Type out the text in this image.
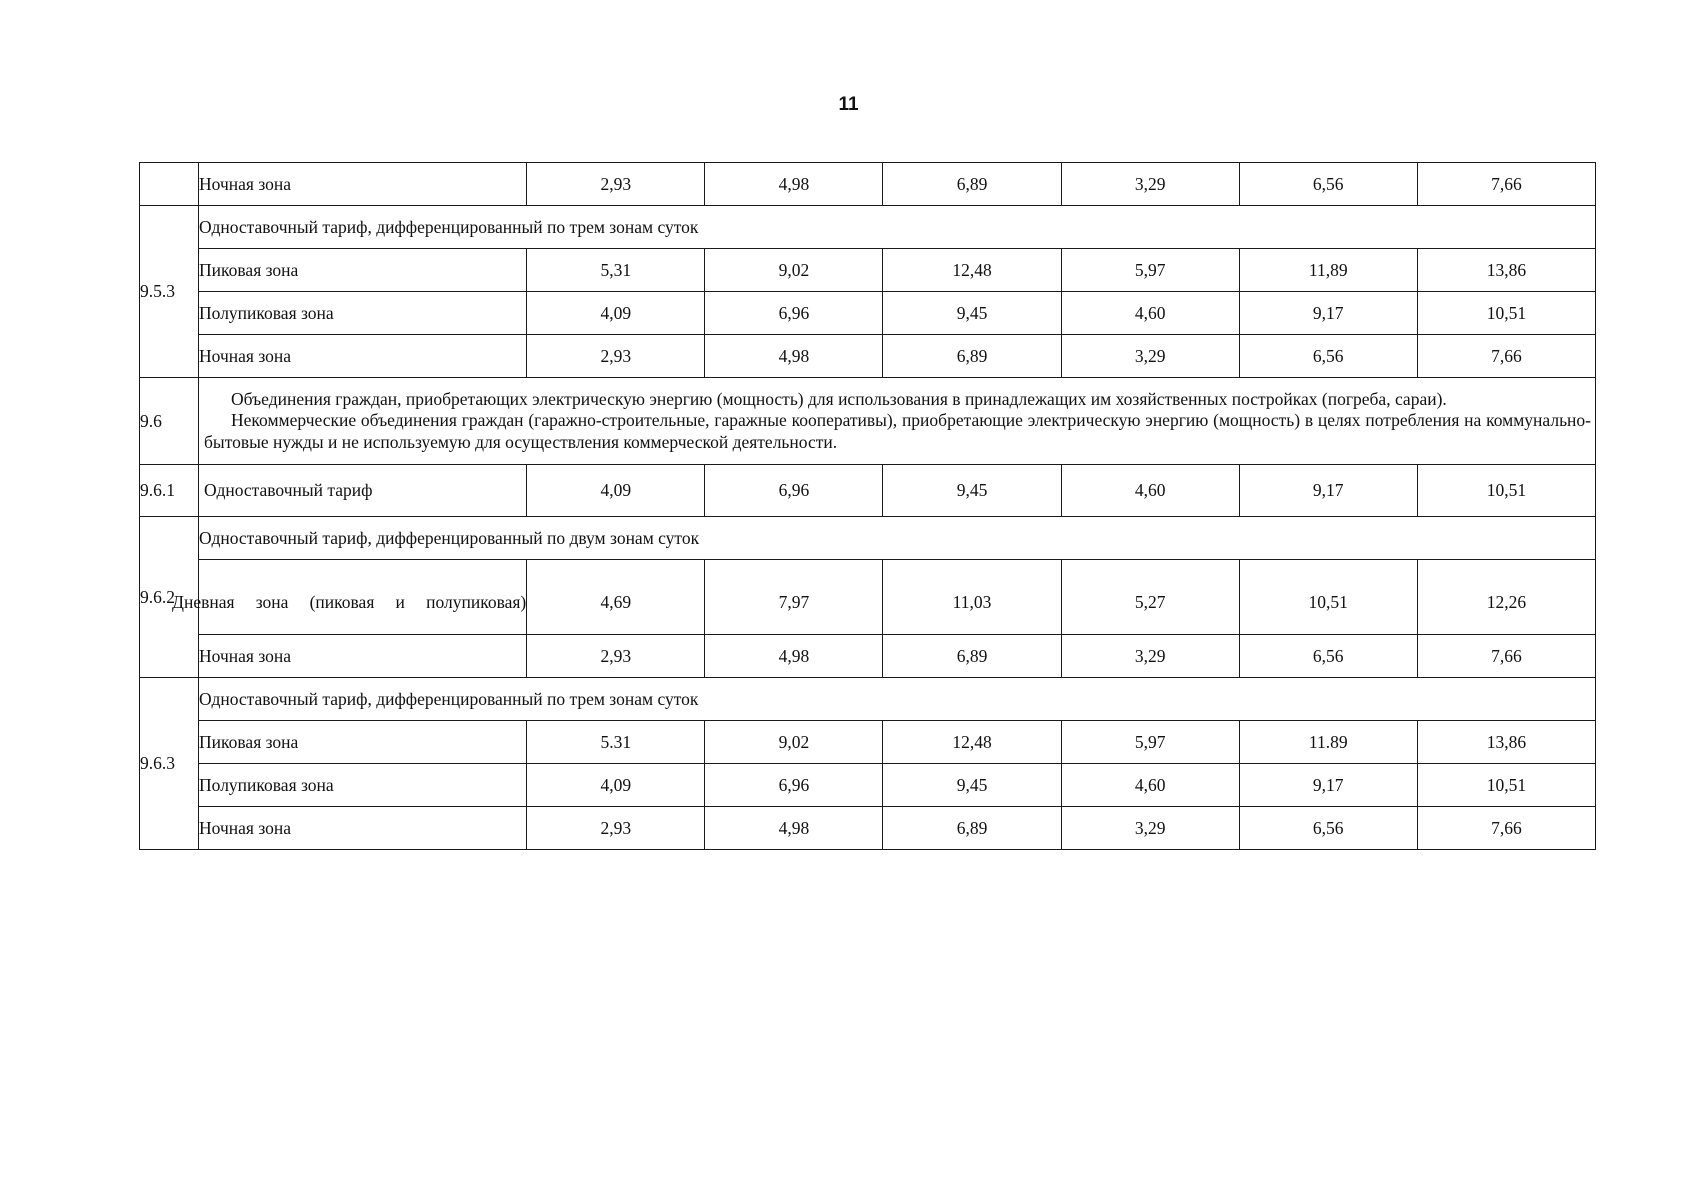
11
	Ночная зона	2,93	4,98	6,89	3,29	6,56	7,66
9.5.3	Одноставочный тариф, дифференцированный по трем зонам суток						
	Пиковая зона	5,31	9,02	12,48	5,97	11,89	13,86
	Полупиковая зона	4,09	6,96	9,45	4,60	9,17	10,51
	Ночная зона	2,93	4,98	6,89	3,29	6,56	7,66
9.6	Объединения граждан, приобретающих электрическую энергию (мощность) для использования в принадлежащих им хозяйственных постройках (погреба, сараи).
Некоммерческие объединения граждан (гаражно-строительные, гаражные кооперативы), приобретающие электрическую энергию (мощность) в целях потребления на коммунально-бытовые нужды и не используемую для осуществления коммерческой деятельности.						

9.6.1	Одноставочный тариф	4,09	6,96	9,45	4,60	9,17	10,51
9.6.2	Одноставочный тариф, дифференцированный по двум зонам суток						

	Дневная зона (пиковая и полупиковая)	4,69	7,97	11,03	5,27	10,51	12,26
	Ночная зона	2,93	4,98	6,89	3,29	6,56	7,66
9.6.3	Одноставочный тариф, дифференцированный по трем зонам суток						
	Пиковая зона	5.31	9,02	12,48	5,97	11.89	13,86
	Полупиковая зона	4,09	6,96	9,45	4,60	9,17	10,51
	Ночная зона	2,93	4,98	6,89	3,29	6,56	7,66
